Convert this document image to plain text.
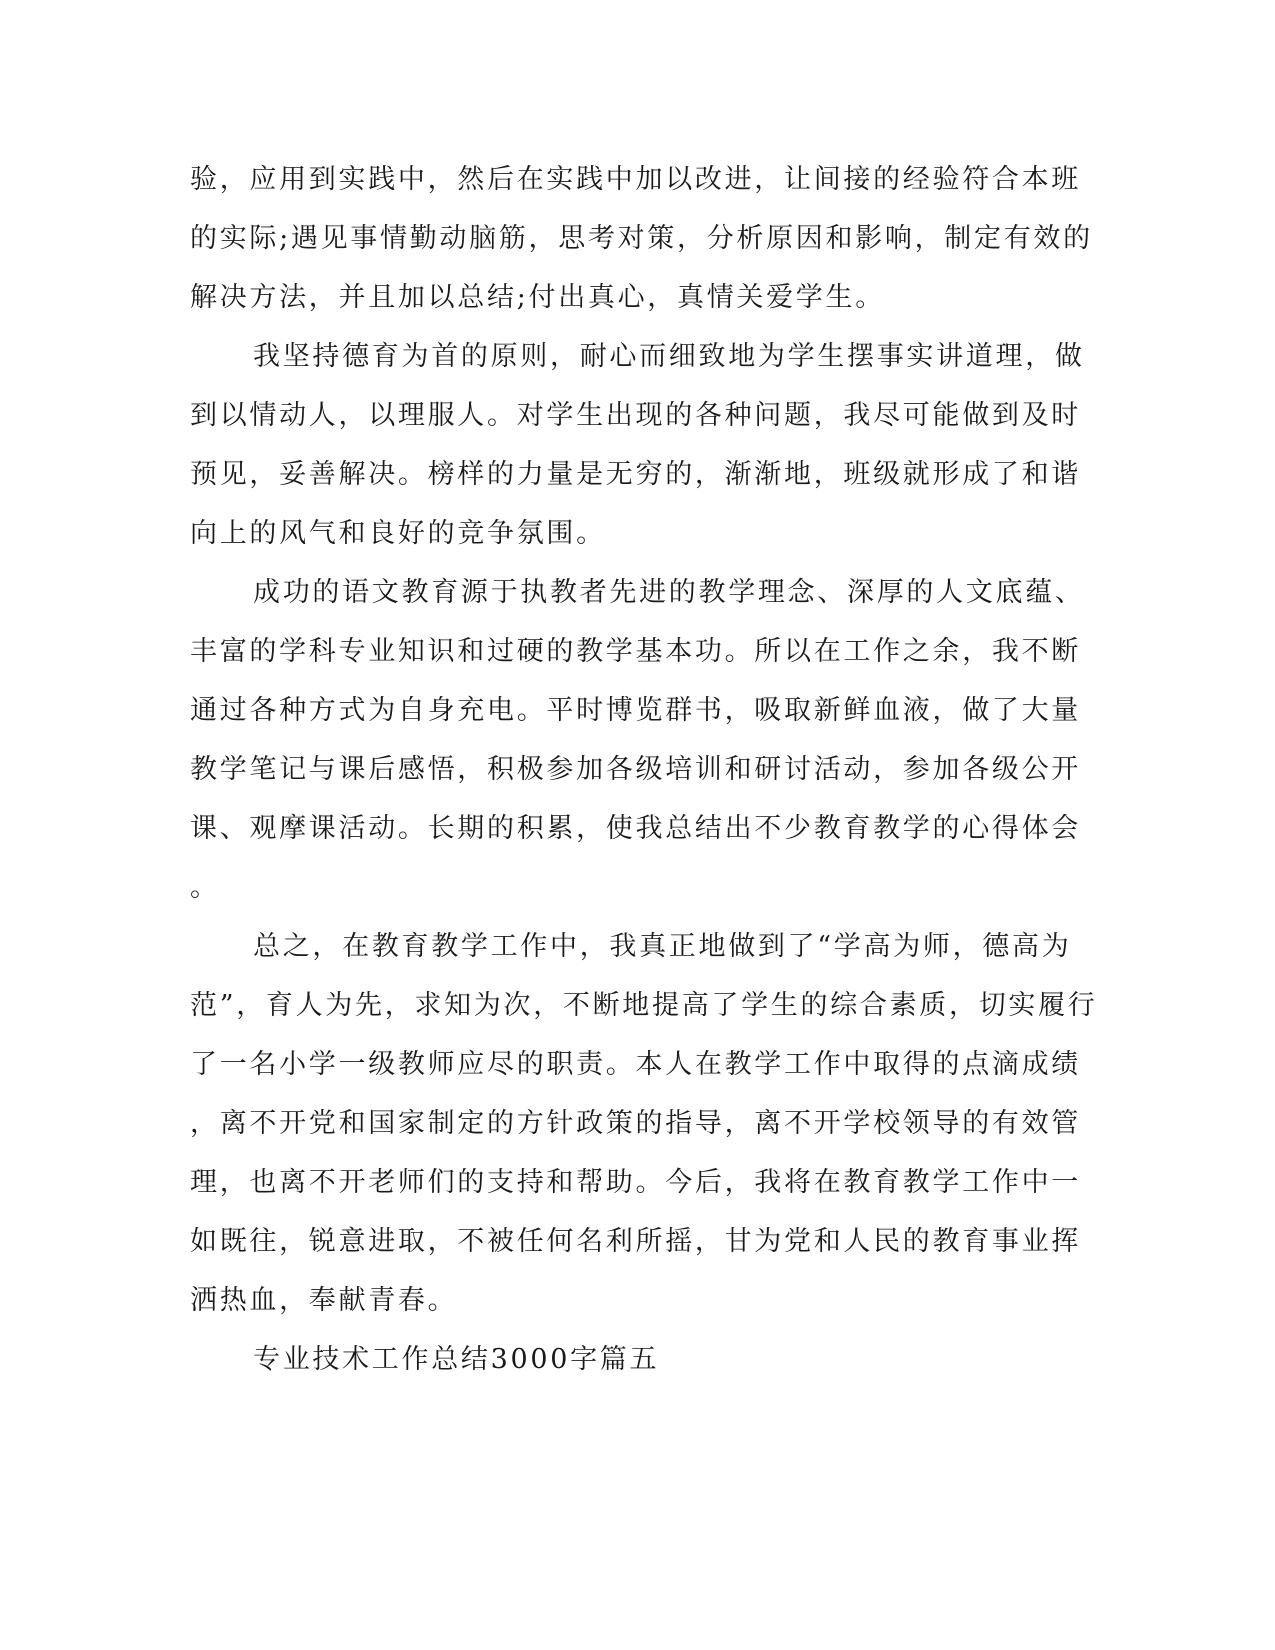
验，应用到实践中，然后在实践中加以改进，让间接的经验符合本班
的实际;遇见事情勤动脑筋，思考对策，分析原因和影响，制定有效的
解决方法，并且加以总结;付出真心，真情关爱学生。
我坚持德育为首的原则，耐心而细致地为学生摆事实讲道理，做
到以情动人，以理服人。对学生出现的各种问题，我尽可能做到及时
预见，妥善解决。榜样的力量是无穷的，渐渐地，班级就形成了和谐
向上的风气和良好的竞争氛围。
成功的语文教育源于执教者先进的教学理念、深厚的人文底蕴、
丰富的学科专业知识和过硬的教学基本功。所以在工作之余，我不断
通过各种方式为自身充电。平时博览群书，吸取新鲜血液，做了大量
教学笔记与课后感悟，积极参加各级培训和研讨活动，参加各级公开
课、观摩课活动。长期的积累，使我总结出不少教育教学的心得体会
。
总之，在教育教学工作中，我真正地做到了“学高为师，德高为
范”，育人为先，求知为次，不断地提高了学生的综合素质，切实履行
了一名小学一级教师应尽的职责。本人在教学工作中取得的点滴成绩
，离不开党和国家制定的方针政策的指导，离不开学校领导的有效管
理，也离不开老师们的支持和帮助。今后，我将在教育教学工作中一
如既往，锐意进取，不被任何名利所摇，甘为党和人民的教育事业挥
洒热血，奉献青春。
专业技术工作总结3000字篇五
